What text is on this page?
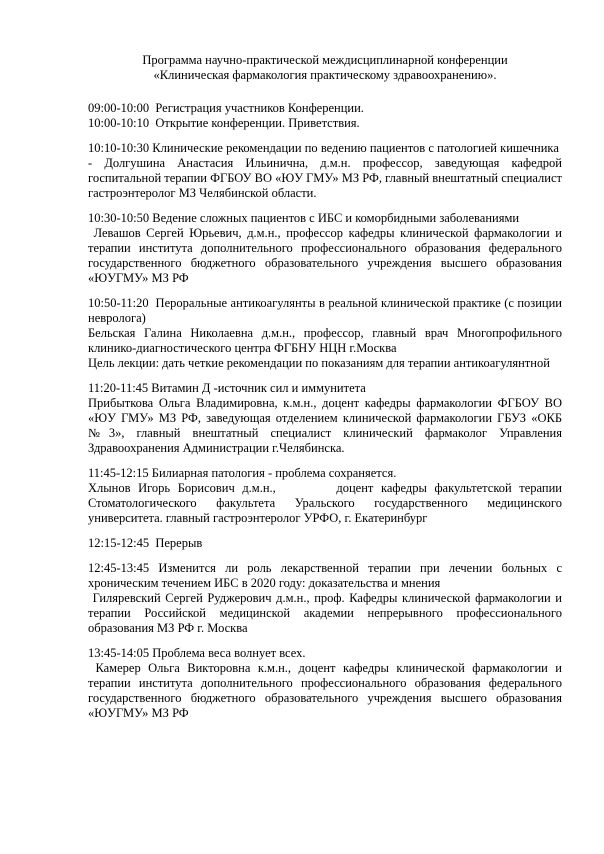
Программа научно-практической междисциплинарной конференции
«Клиническая фармакология практическому здравоохранению».

09:00-10:00  Регистрация участников Конференции.

10:00-10:10  Открытие конференции. Приветствия.

10:10-10:30 Клинические рекомендации по ведению пациентов с патологией кишечника  - Долгушина Анастасия Ильинична, д.м.н. профессор, заведующая кафедрой госпитальной терапии ФГБОУ ВО «ЮУ ГМУ» МЗ РФ, главный внештатный специалист гастроэнтеролог МЗ Челябинской области.

10:30-10:50 Ведение сложных пациентов с ИБС и коморбидными заболеваниями

Левашов Сергей Юрьевич, д.м.н., профессор кафедры клинической фармакологии и терапии института дополнительного профессионального образования федерального государственного бюджетного образовательного учреждения высшего образования «ЮУГМУ» МЗ РФ

10:50-11:20  Пероральные антикоагулянты в реальной клинической практике (с позиции невролога)

Бельская Галина Николаевна д.м.н., профессор, главный врач Многопрофильного клинико-диагностического центра ФГБНУ НЦН г.Москва

Цель лекции: дать четкие рекомендации по показаниям для терапии антикоагулянтной

11:20-11:45 Витамин Д -источник сил и иммунитета

Прибыткова Ольга Владимировна, к.м.н., доцент кафедры фармакологии ФГБОУ ВО «ЮУ ГМУ» МЗ РФ, заведующая отделением клинической фармакологии ГБУЗ «ОКБ №3», главный внештатный специалист клинический фармаколог Управления Здравоохранения Администрации г.Челябинска.

11:45-12:15 Билиарная патология - проблема сохраняется.

Хлынов Игорь Борисович д.м.н.,        доцент кафедры факультетской терапии Стоматологического факультета Уральского государственного медицинского университета. главный гастроэнтеролог УРФО, г. Екатеринбург

12:15-12:45  Перерыв

12:45-13:45 Изменится ли роль лекарственной терапии при лечении больных с хроническим течением ИБС в 2020 году: доказательства и мнения

Гиляревский Сергей Руджерович д.м.н., проф. Кафедры клинической фармакологии и терапии Российской медицинской академии непрерывного профессионального образования МЗ РФ г. Москва

13:45-14:05 Проблема веса волнует всех.

Камерер Ольга Викторовна к.м.н., доцент кафедры клинической фармакологии и терапии института дополнительного профессионального образования федерального государственного бюджетного образовательного учреждения высшего образования «ЮУГМУ» МЗ РФ
